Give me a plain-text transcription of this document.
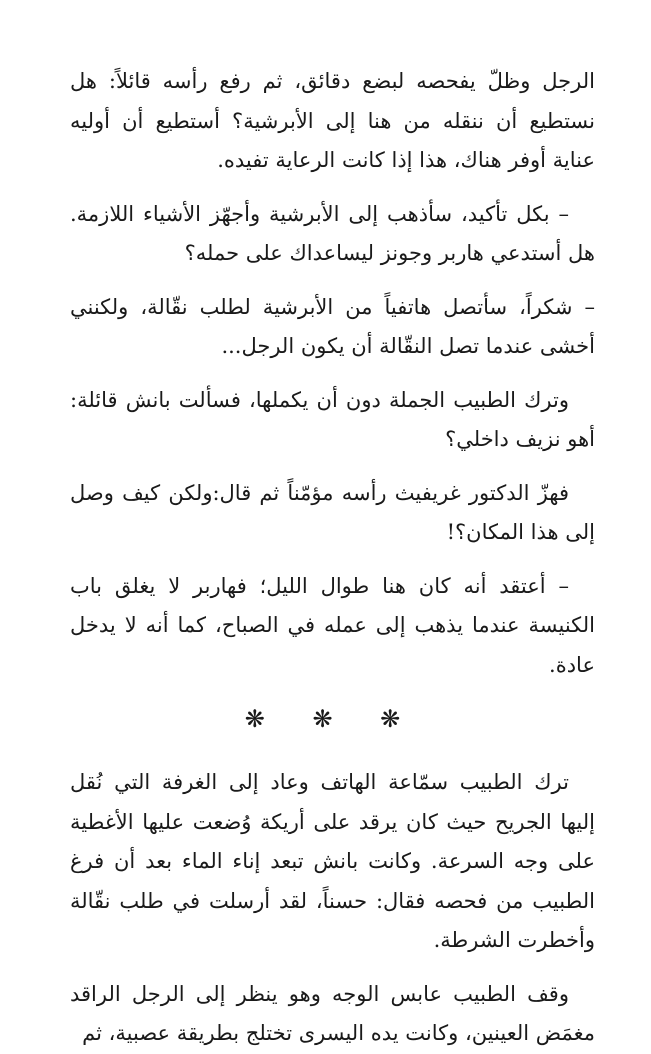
الرجل وظلّ يفحصه لبضع دقائق، ثم رفع رأسه قائلاً: هل نستطيع أن ننقله من هنا إلى الأبرشية؟ أستطيع أن أوليه عناية أوفر هناك، هذا إذا كانت الرعاية تفيده.

– بكل تأكيد، سأذهب إلى الأبرشية وأجهّز الأشياء اللازمة. هل أستدعي هاربر وجونز ليساعداك على حمله؟

– شكراً، سأتصل هاتفياً من الأبرشية لطلب نقّالة، ولكنني أخشى عندما تصل النقّالة أن يكون الرجل...

وترك الطبيب الجملة دون أن يكملها، فسألت بانش قائلة: أهو نزيف داخلي؟

فهزّ الدكتور غريفيث رأسه مؤمّناً ثم قال:ولكن كيف وصل إلى هذا المكان؟!

– أعتقد أنه كان هنا طوال الليل؛ فهاربر لا يغلق باب الكنيسة عندما يذهب إلى عمله في الصباح، كما أنه لا يدخل عادة.

❋ ❋ ❋

ترك الطبيب سمّاعة الهاتف وعاد إلى الغرفة التي نُقل إليها الجريح حيث كان يرقد على أريكة وُضعت عليها الأغطية على وجه السرعة. وكانت بانش تبعد إناء الماء بعد أن فرغ الطبيب من فحصه فقال: حسناً، لقد أرسلت في طلب نقّالة وأخطرت الشرطة.

وقف الطبيب عابس الوجه وهو ينظر إلى الرجل الراقد مغمَض العينين، وكانت يده اليسرى تختلج بطريقة عصبية، ثم
